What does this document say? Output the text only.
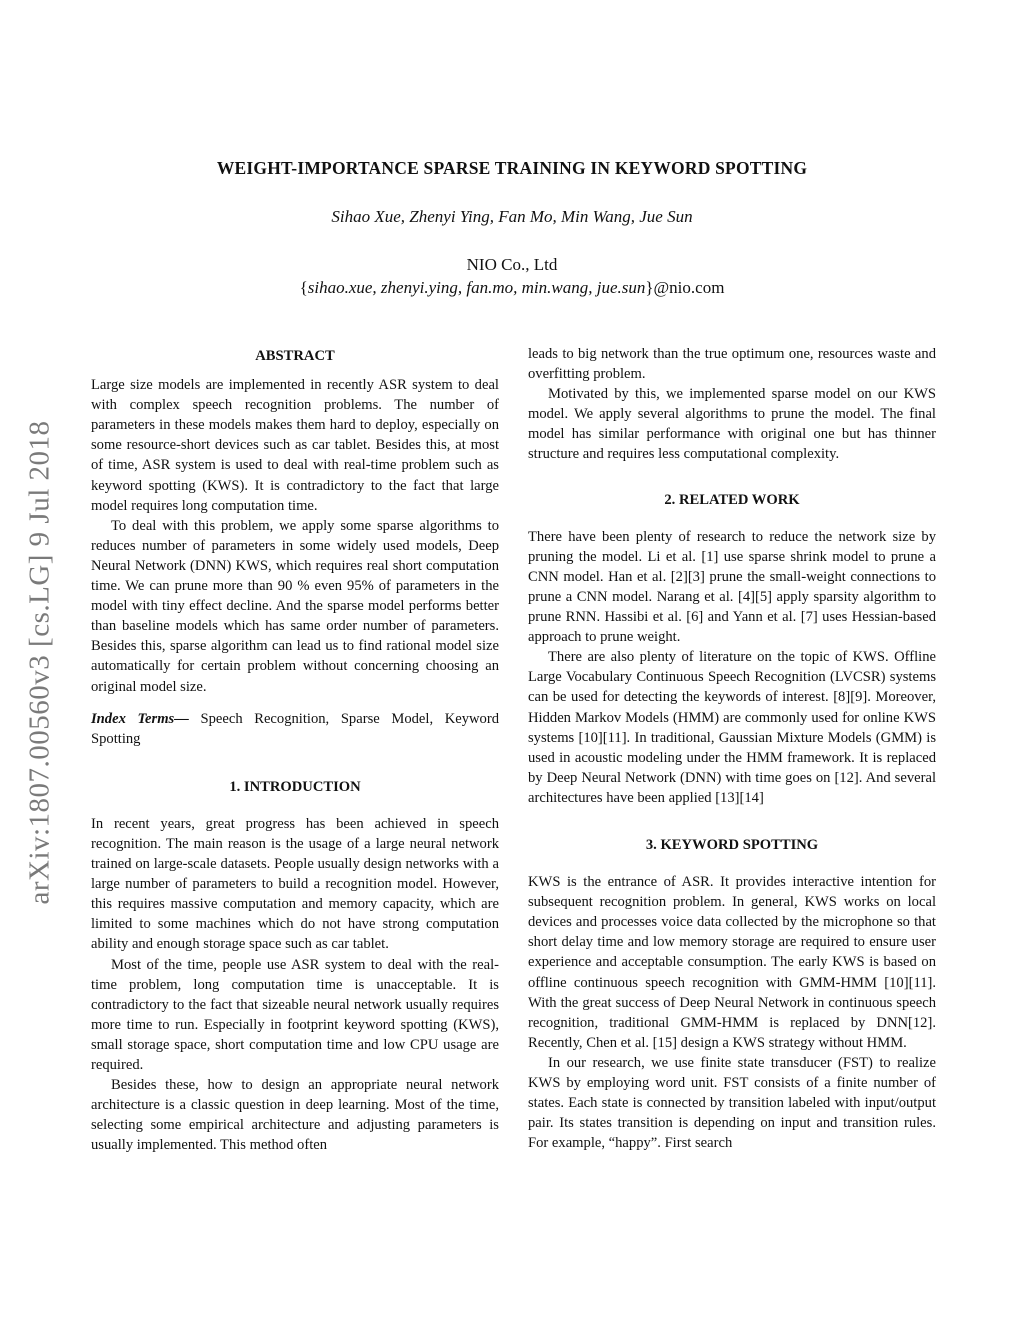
arXiv:1807.00560v3 [cs.LG] 9 Jul 2018
WEIGHT-IMPORTANCE SPARSE TRAINING IN KEYWORD SPOTTING
Sihao Xue, Zhenyi Ying, Fan Mo, Min Wang, Jue Sun
NIO Co., Ltd
{sihao.xue, zhenyi.ying, fan.mo, min.wang, jue.sun}@nio.com
ABSTRACT

Large size models are implemented in recently ASR system to deal with complex speech recognition problems. The number of parameters in these models makes them hard to deploy, especially on some resource-short devices such as car tablet. Besides this, at most of time, ASR system is used to deal with real-time problem such as keyword spotting (KWS). It is contradictory to the fact that large model requires long computation time.

To deal with this problem, we apply some sparse algorithms to reduces number of parameters in some widely used models, Deep Neural Network (DNN) KWS, which requires real short computation time. We can prune more than 90 % even 95% of parameters in the model with tiny effect decline. And the sparse model performs better than baseline models which has same order number of parameters. Besides this, sparse algorithm can lead us to find rational model size automatically for certain problem without concerning choosing an original model size.

Index Terms— Speech Recognition, Sparse Model, Keyword Spotting

1. INTRODUCTION

In recent years, great progress has been achieved in speech recognition. The main reason is the usage of a large neural network trained on large-scale datasets. People usually design networks with a large number of parameters to build a recognition model. However, this requires massive computation and memory capacity, which are limited to some machines which do not have strong computation ability and enough storage space such as car tablet.

Most of the time, people use ASR system to deal with the real-time problem, long computation time is unacceptable. It is contradictory to the fact that sizeable neural network usually requires more time to run. Especially in footprint keyword spotting (KWS), small storage space, short computation time and low CPU usage are required.

Besides these, how to design an appropriate neural network architecture is a classic question in deep learning. Most of the time, selecting some empirical architecture and adjusting parameters is usually implemented. This method often

leads to big network than the true optimum one, resources waste and overfitting problem.

Motivated by this, we implemented sparse model on our KWS model. We apply several algorithms to prune the model. The final model has similar performance with original one but has thinner structure and requires less computational complexity.

2. RELATED WORK

There have been plenty of research to reduce the network size by pruning the model. Li et al. [1] use sparse shrink model to prune a CNN model. Han et al. [2][3] prune the small-weight connections to prune a CNN model. Narang et al. [4][5] apply sparsity algorithm to prune RNN. Hassibi et al. [6] and Yann et al. [7] uses Hessian-based approach to prune weight.

There are also plenty of literature on the topic of KWS. Offline Large Vocabulary Continuous Speech Recognition (LVCSR) systems can be used for detecting the keywords of interest. [8][9]. Moreover, Hidden Markov Models (HMM) are commonly used for online KWS systems [10][11]. In traditional, Gaussian Mixture Models (GMM) is used in acoustic modeling under the HMM framework. It is replaced by Deep Neural Network (DNN) with time goes on [12]. And several architectures have been applied [13][14]

3. KEYWORD SPOTTING

KWS is the entrance of ASR. It provides interactive intention for subsequent recognition problem. In general, KWS works on local devices and processes voice data collected by the microphone so that short delay time and low memory storage are required to ensure user experience and acceptable consumption. The early KWS is based on offline continuous speech recognition with GMM-HMM [10][11]. With the great success of Deep Neural Network in continuous speech recognition, traditional GMM-HMM is replaced by DNN[12]. Recently, Chen et al. [15] design a KWS strategy without HMM.

In our research, we use finite state transducer (FST) to realize KWS by employing word unit. FST consists of a finite number of states. Each state is connected by transition labeled with input/output pair. Its states transition is depending on input and transition rules. For example, “happy”. First search
